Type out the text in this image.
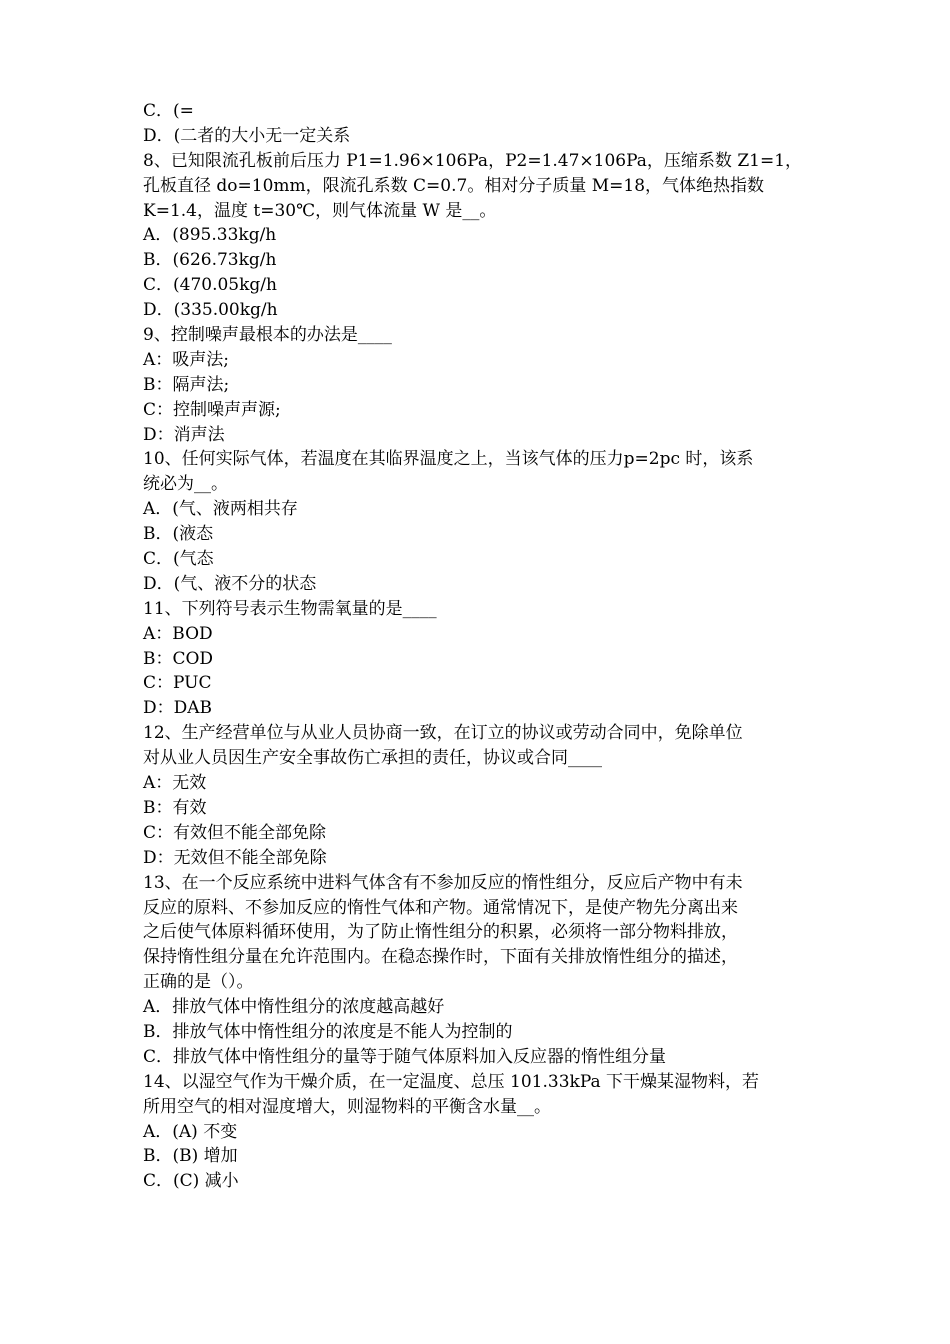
C．(=
D．(二者的大小无一定关系
8、已知限流孔板前后压力 P1=1.96×106Pa，P2=1.47×106Pa，压缩系数 Z1=1，
孔板直径 do=10mm，限流孔系数 C=0.7。相对分子质量 M=18，气体绝热指数
K=1.4，温度 t=30℃，则气体流量 W 是__。
A．(895.33kg/h
B．(626.73kg/h
C．(470.05kg/h
D．(335.00kg/h
9、控制噪声最根本的办法是____
A：吸声法;
B：隔声法;
C：控制噪声声源;
D：消声法
10、任何实际气体，若温度在其临界温度之上，当该气体的压力p=2pc 时，该系
统必为__。
A．(气、液两相共存
B．(液态
C．(气态
D．(气、液不分的状态
11、下列符号表示生物需氧量的是____
A：BOD
B：COD
C：PUC
D：DAB
12、生产经营单位与从业人员协商一致，在订立的协议或劳动合同中，免除单位
对从业人员因生产安全事故伤亡承担的责任，协议或合同____
A：无效
B：有效
C：有效但不能全部免除
D：无效但不能全部免除
13、在一个反应系统中进料气体含有不参加反应的惰性组分，反应后产物中有未
反应的原料、不参加反应的惰性气体和产物。通常情况下，是使产物先分离出来
之后使气体原料循环使用，为了防止惰性组分的积累，必须将一部分物料排放，
保持惰性组分量在允许范围内。在稳态操作时，下面有关排放惰性组分的描述，
正确的是（）。
A．排放气体中惰性组分的浓度越高越好
B．排放气体中惰性组分的浓度是不能人为控制的
C．排放气体中惰性组分的量等于随气体原料加入反应器的惰性组分量
14、以湿空气作为干燥介质，在一定温度、总压 101.33kPa 下干燥某湿物料，若
所用空气的相对湿度增大，则湿物料的平衡含水量__。
A．(A) 不变
B．(B) 增加
C．(C) 减小
